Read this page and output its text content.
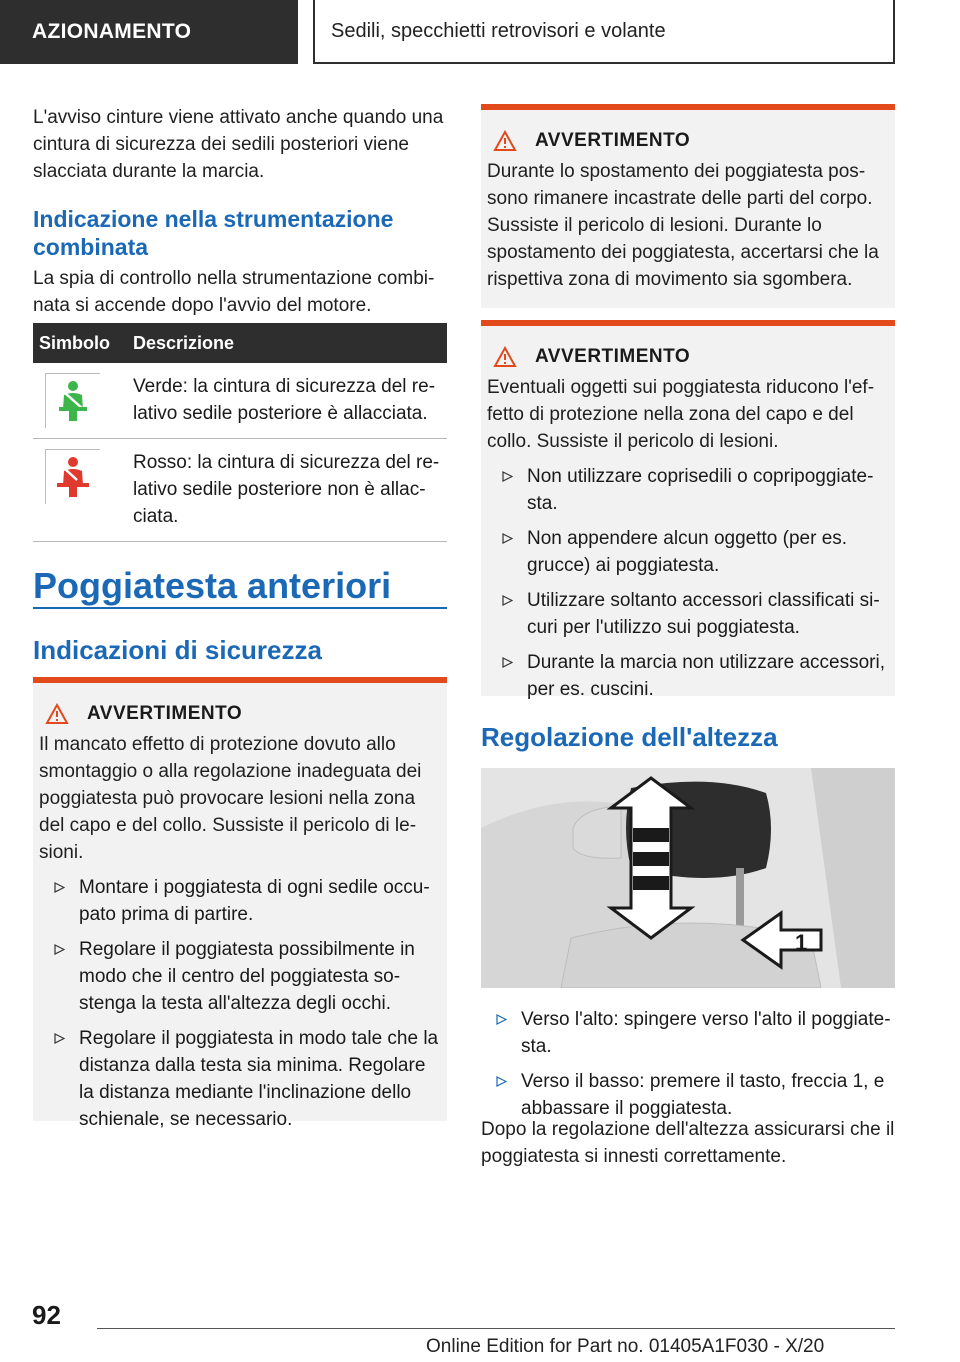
AZIONAMENTO	Sedili, specchietti retrovisori e volante

L'avviso cinture viene attivato anche quando una cintura di sicurezza dei sedili posteriori viene slacciata durante la marcia.

Indicazione nella strumentazione combinata

La spia di controllo nella strumentazione combinata si accende dopo l'avvio del motore.

Simbolo	Descrizione
Verde: la cintura di sicurezza del relativo sedile posteriore è allacciata.
Rosso: la cintura di sicurezza del relativo sedile posteriore non è allacciata.
Poggiatesta anteriori
Indicazioni di sicurezza
AVVERTIMENTO

Il mancato effetto di protezione dovuto allo smontaggio o alla regolazione inadeguata dei poggiatesta può provocare lesioni nella zona del capo e del collo. Sussiste il pericolo di lesioni.

Montare i poggiatesta di ogni sedile occupato prima di partire.
Regolare il poggiatesta possibilmente in modo che il centro del poggiatesta sostenga la testa all'altezza degli occhi.
Regolare il poggiatesta in modo tale che la distanza dalla testa sia minima. Regolare la distanza mediante l'inclinazione dello schienale, se necessario.
AVVERTIMENTO

Durante lo spostamento dei poggiatesta possono rimanere incastrate delle parti del corpo. Sussiste il pericolo di lesioni. Durante lo spostamento dei poggiatesta, accertarsi che la rispettiva zona di movimento sia sgombera.

AVVERTIMENTO

Eventuali oggetti sui poggiatesta riducono l'effetto di protezione nella zona del capo e del collo. Sussiste il pericolo di lesioni.

Non utilizzare coprisedili o copripoggiatesta.
Non appendere alcun oggetto (per es. grucce) ai poggiatesta.
Utilizzare soltanto accessori classificati sicuri per l'utilizzo sui poggiatesta.
Durante la marcia non utilizzare accessori, per es. cuscini.
Regolazione dell'altezza
1
Verso l'alto: spingere verso l'alto il poggiatesta.
Verso il basso: premere il tasto, freccia 1, e abbassare il poggiatesta.

Dopo la regolazione dell'altezza assicurarsi che il poggiatesta si innesti correttamente.

92
Online Edition for Part no. 01405A1F030 - X/20
